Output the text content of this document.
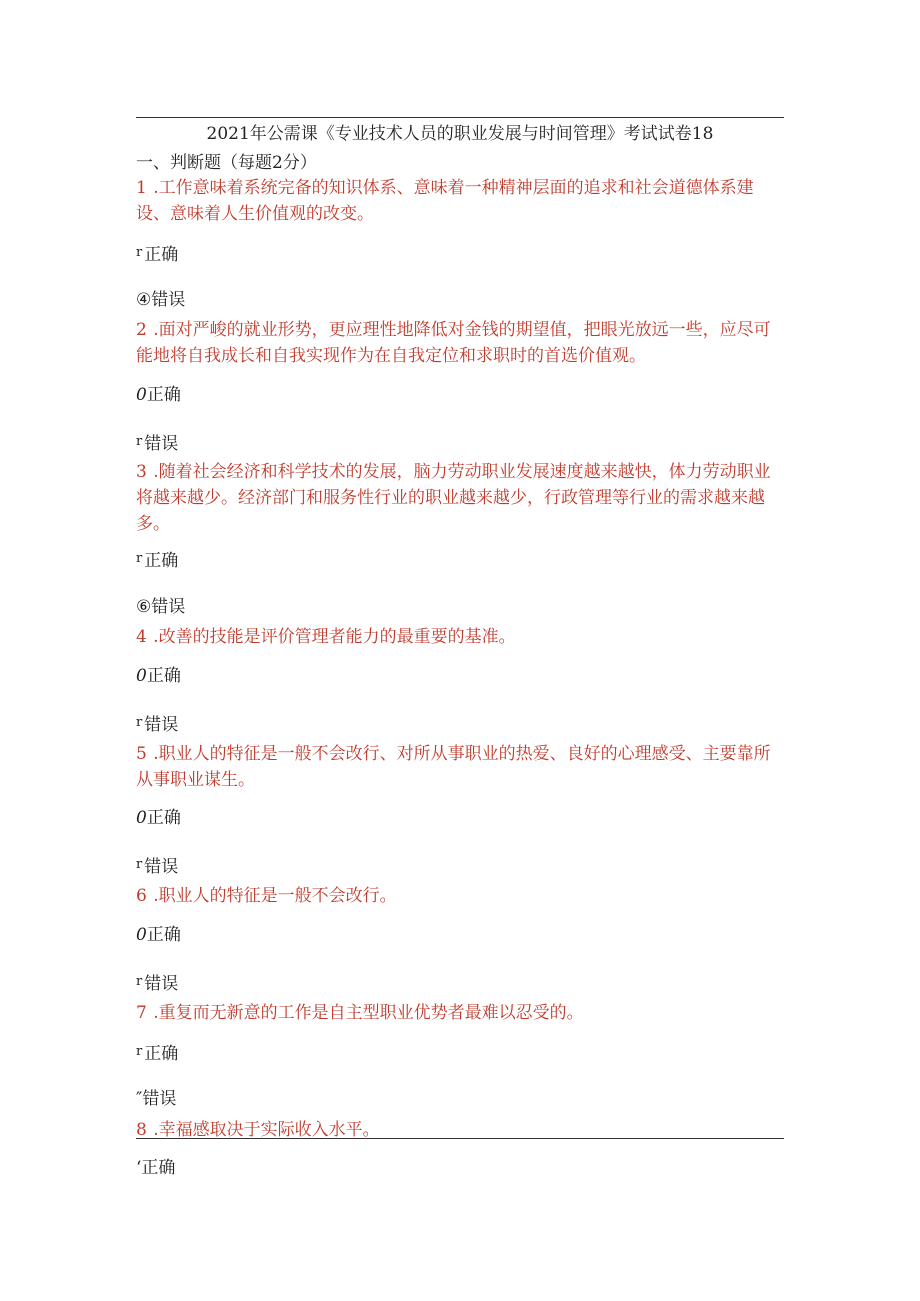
2021年公需课《专业技术人员的职业发展与时间管理》考试试卷18
一、判断题（每题2分）
1 .工作意味着系统完备的知识体系、意味着一种精神层面的追求和社会道德体系建设、意味着人生价值观的改变。
r 正确
④错误
2 .面对严峻的就业形势，更应理性地降低对金钱的期望值，把眼光放远一些，应尽可能地将自我成长和自我实现作为在自我定位和求职时的首选价值观。
0正确
r 错误
3 .随着社会经济和科学技术的发展，脑力劳动职业发展速度越来越快，体力劳动职业将越来越少。经济部门和服务性行业的职业越来越少，行政管理等行业的需求越来越多。
r 正确
⑥错误
4 .改善的技能是评价管理者能力的最重要的基准。
0正确
r 错误
5 .职业人的特征是一般不会改行、对所从事职业的热爱、良好的心理感受、主要靠所从事职业谋生。
0正确
r 错误
6 .职业人的特征是一般不会改行。
0正确
r 错误
7 .重复而无新意的工作是自主型职业优势者最难以忍受的。
r 正确
″错误
8 .幸福感取决于实际收入水平。
‘正确
